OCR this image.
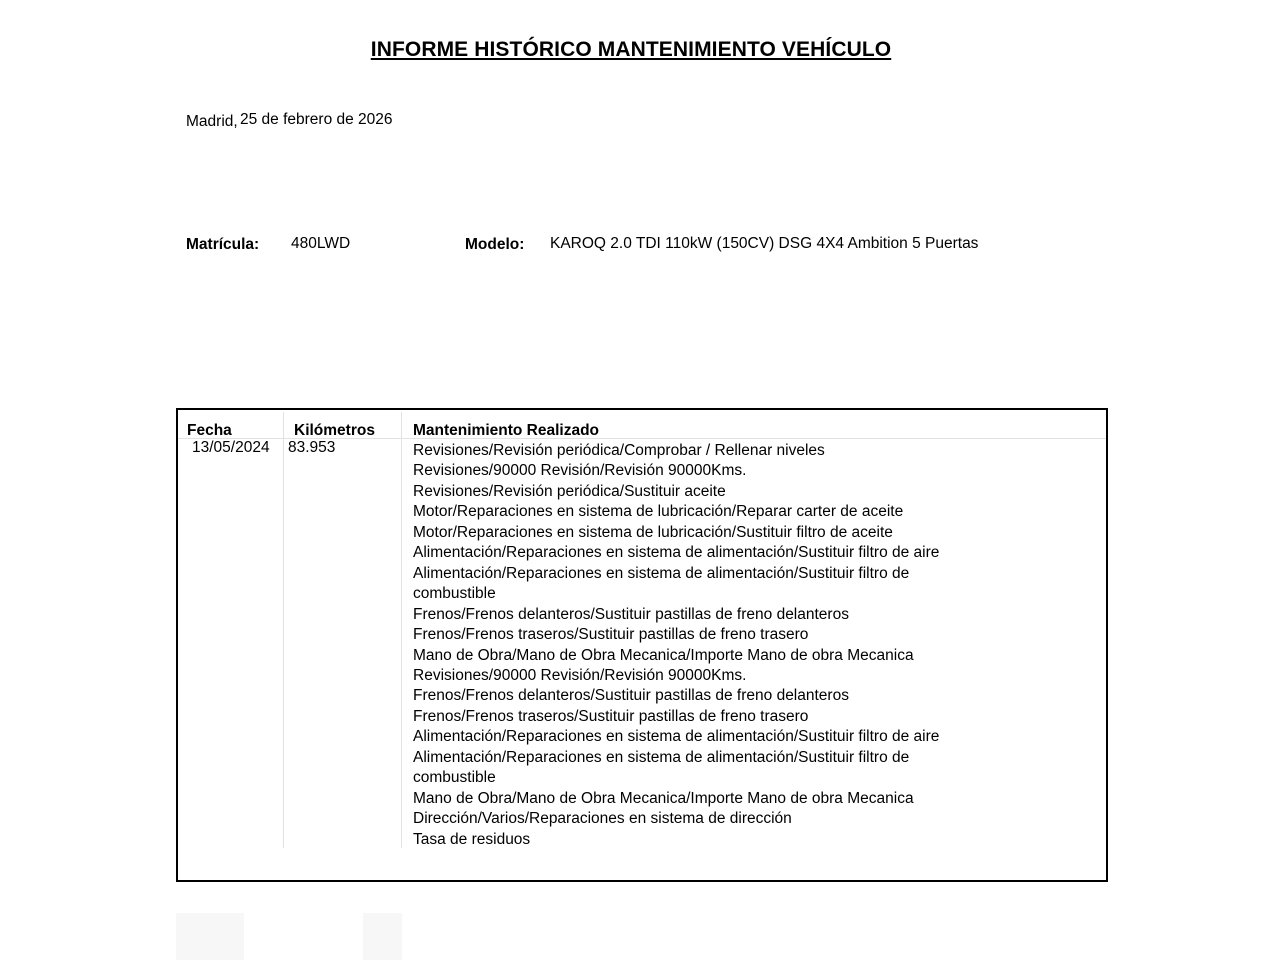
INFORME HISTÓRICO MANTENIMIENTO VEHÍCULO
Madrid, 25 de febrero de 2026
Matrícula: 480LWD	Modelo: KAROQ 2.0 TDI 110kW (150CV) DSG 4X4 Ambition 5 Puertas
Fecha	Kilómetros Mantenimiento Realizado
13/05/2024 83.953	Revisiones/Revisión periódica/Comprobar / Rellenar niveles
Revisiones/90000 Revisión/Revisión 90000Kms.
Revisiones/Revisión periódica/Sustituir aceite
Motor/Reparaciones en sistema de lubricación/Reparar carter de aceite
Motor/Reparaciones en sistema de lubricación/Sustituir filtro de aceite
Alimentación/Reparaciones en sistema de alimentación/Sustituir filtro de aire
Alimentación/Reparaciones en sistema de alimentación/Sustituir filtro de
combustible
Frenos/Frenos delanteros/Sustituir pastillas de freno delanteros
Frenos/Frenos traseros/Sustituir pastillas de freno trasero
Mano de Obra/Mano de Obra Mecanica/Importe Mano de obra Mecanica
Revisiones/90000 Revisión/Revisión 90000Kms.
Frenos/Frenos delanteros/Sustituir pastillas de freno delanteros
Frenos/Frenos traseros/Sustituir pastillas de freno trasero
Alimentación/Reparaciones en sistema de alimentación/Sustituir filtro de aire
Alimentación/Reparaciones en sistema de alimentación/Sustituir filtro de
combustible
Mano de Obra/Mano de Obra Mecanica/Importe Mano de obra Mecanica
Dirección/Varios/Reparaciones en sistema de dirección
Tasa de residuos
